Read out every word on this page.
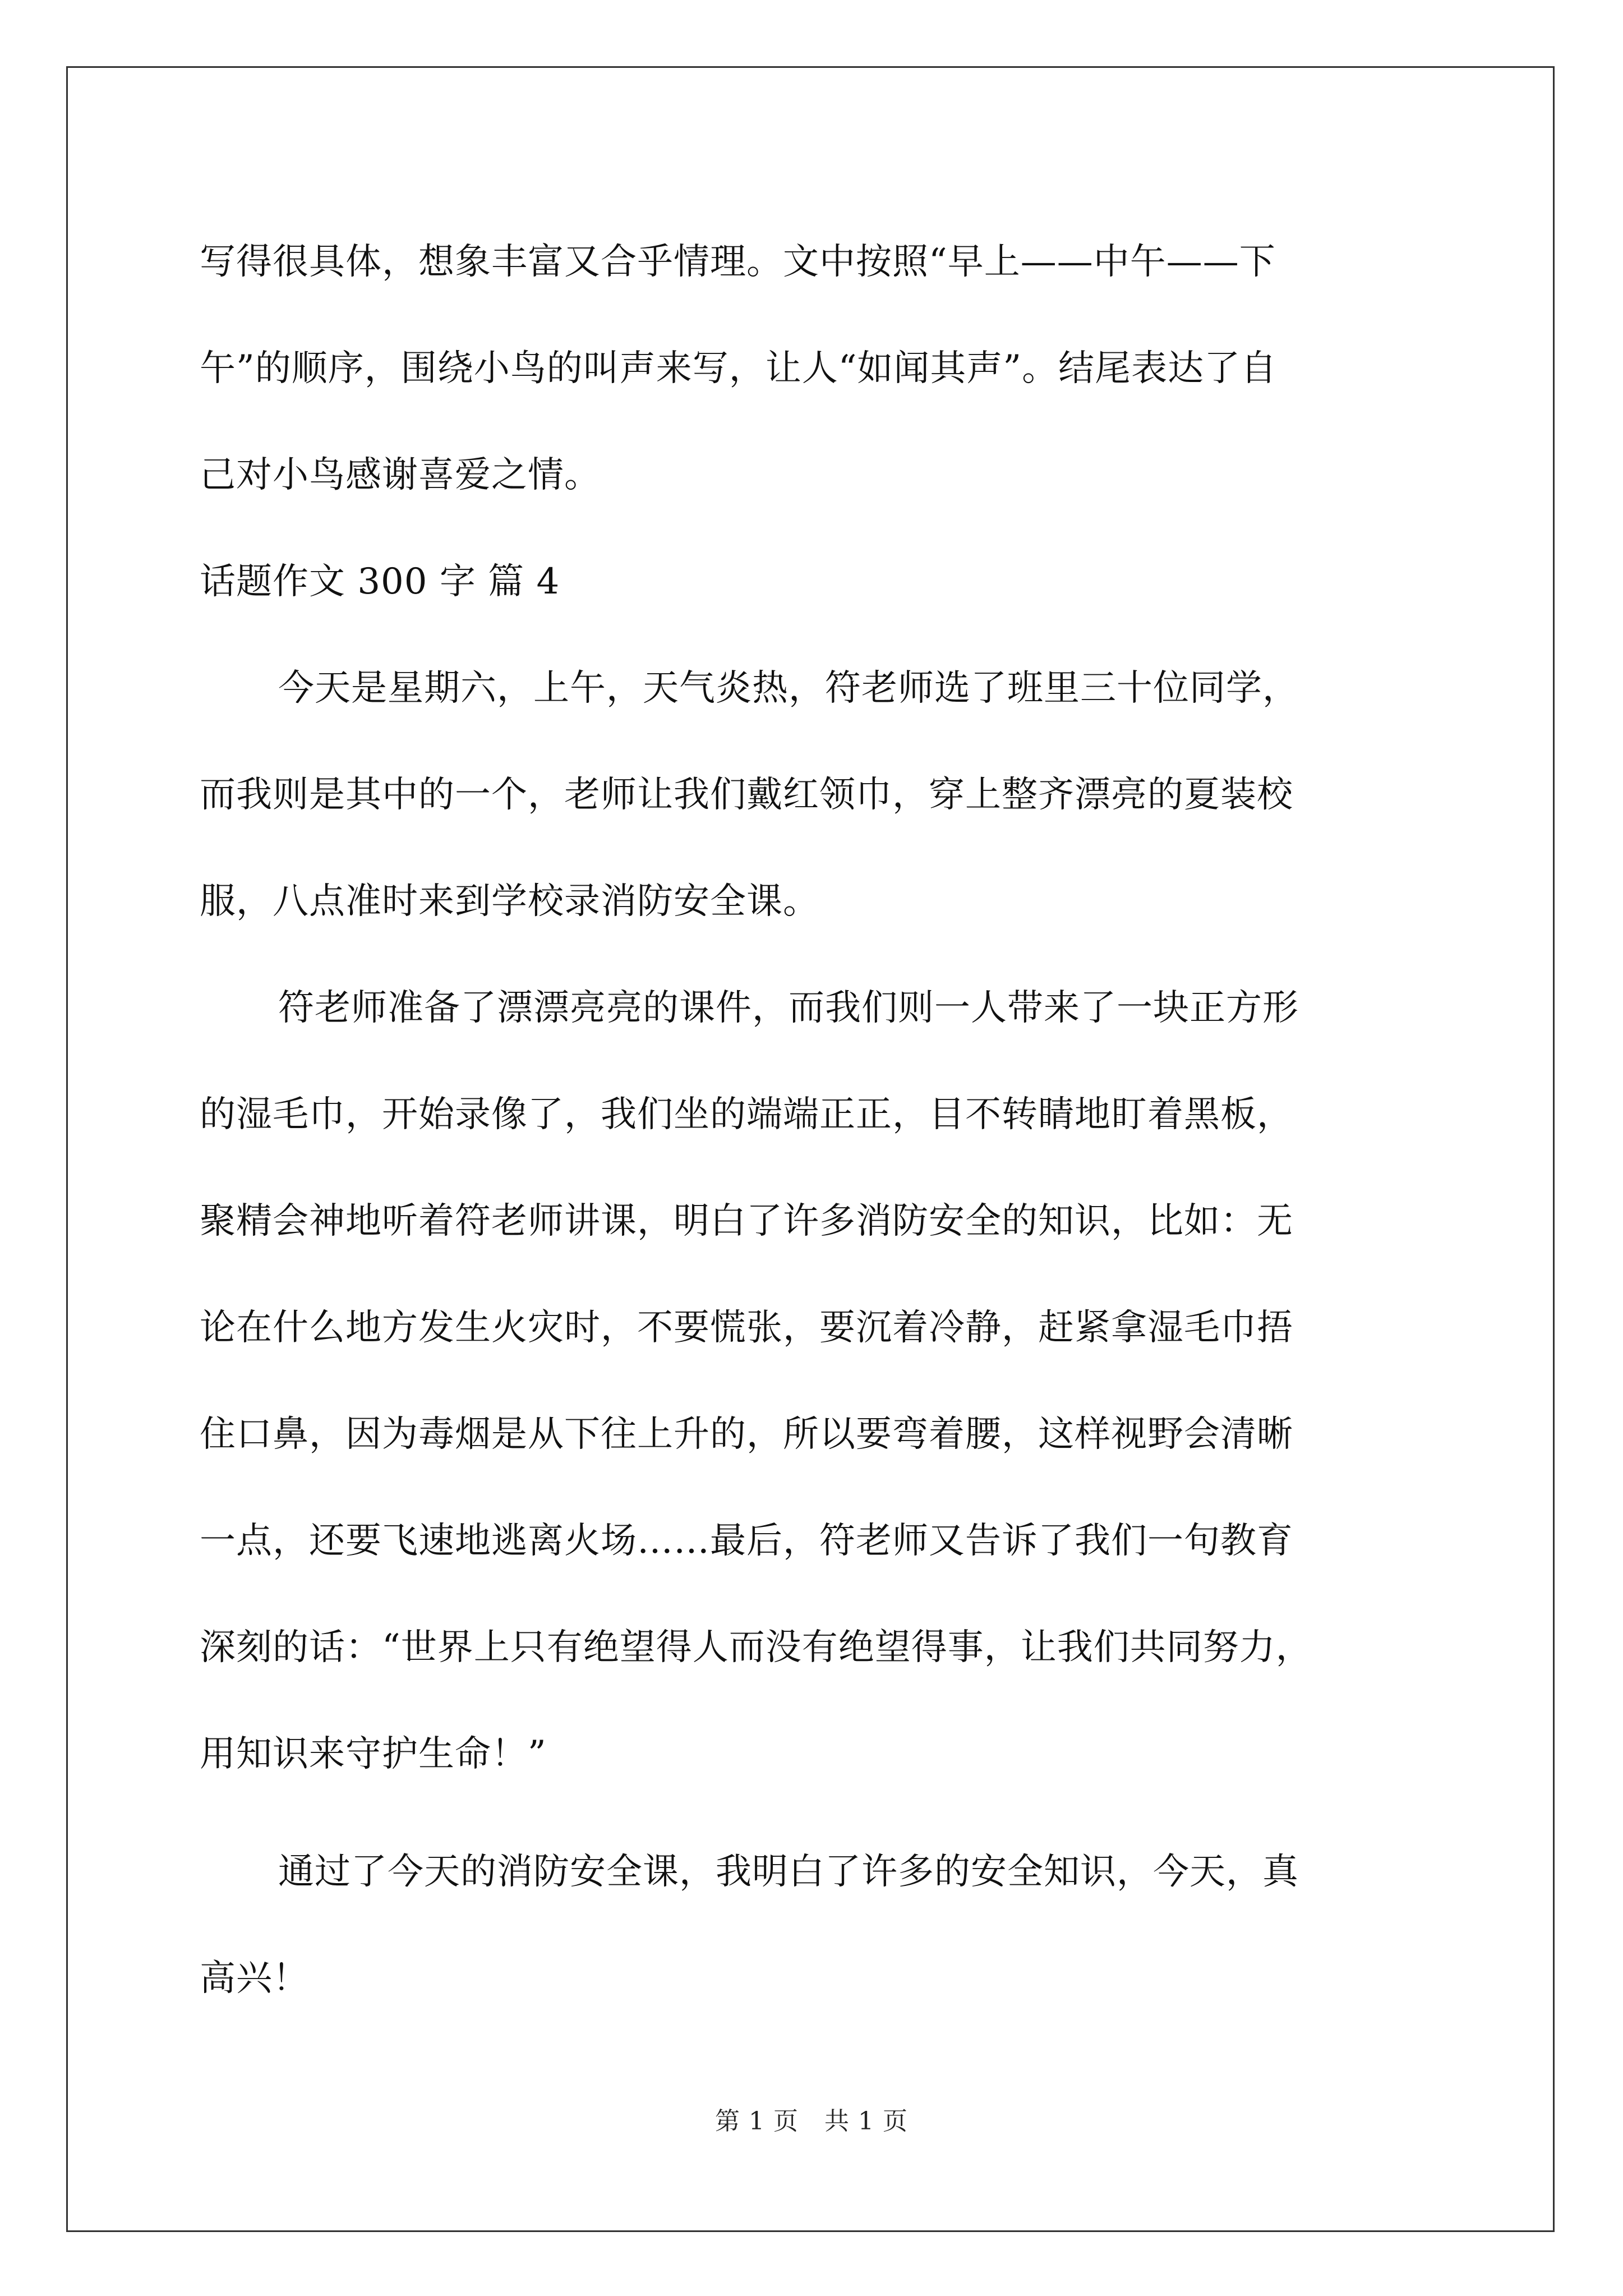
写得很具体，想象丰富又合乎情理。文中按照“早上——中午——下
午”的顺序，围绕小鸟的叫声来写，让人“如闻其声”。结尾表达了自
己对小鸟感谢喜爱之情。
话题作文 300 字 篇 4
今天是星期六，上午，天气炎热，符老师选了班里三十位同学，
而我则是其中的一个，老师让我们戴红领巾，穿上整齐漂亮的夏装校
服，八点准时来到学校录消防安全课。
符老师准备了漂漂亮亮的课件，而我们则一人带来了一块正方形
的湿毛巾，开始录像了，我们坐的端端正正，目不转睛地盯着黑板，
聚精会神地听着符老师讲课，明白了许多消防安全的知识，比如：无
论在什么地方发生火灾时，不要慌张，要沉着冷静，赶紧拿湿毛巾捂
住口鼻，因为毒烟是从下往上升的，所以要弯着腰，这样视野会清晰
一点，还要飞速地逃离火场……最后，符老师又告诉了我们一句教育
深刻的话：“世界上只有绝望得人而没有绝望得事，让我们共同努力，
用知识来守护生命！”
通过了今天的消防安全课，我明白了许多的安全知识，今天，真
高兴！
第 1 页 共 1 页
